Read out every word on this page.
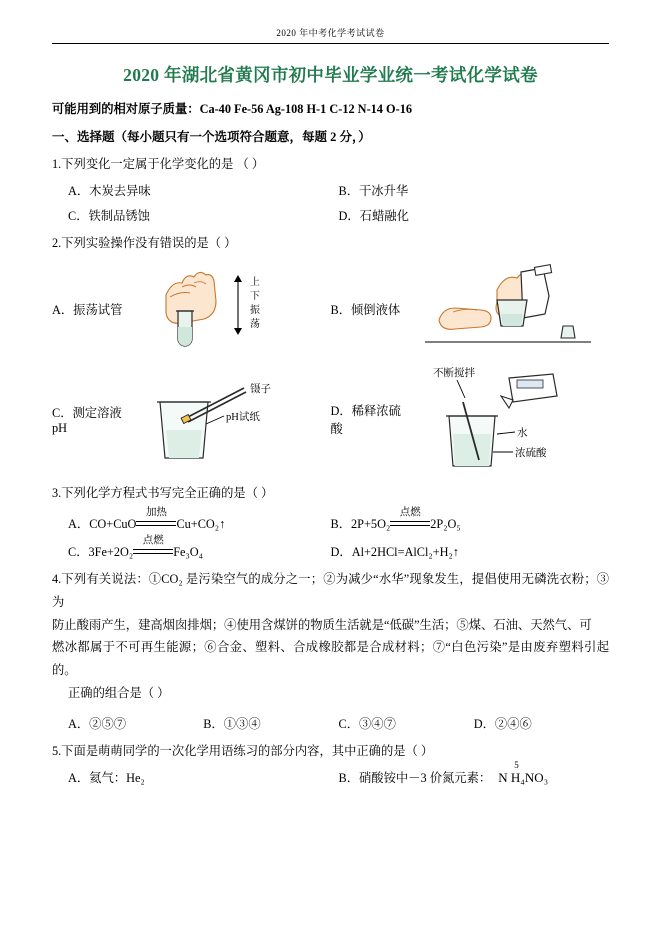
2020 年中考化学考试试卷
2020 年湖北省黄冈市初中毕业学业统一考试化学试卷
可能用到的相对原子质量：Ca-40 Fe-56 Ag-108 H-1 C-12 N-14 O-16
一、选择题（每小题只有一个选项符合题意，每题 2 分，）
1.下列变化一定属于化学变化的是 （ ）
A．木炭去异味	B．干冰升华
C．铁制品锈蚀	D．石蜡融化
2.下列实验操作没有错误的是（ ）
A．振荡试管
上
下
振
荡
B．倾倒液体
C．测定溶液 pH
镊子
pH试纸	D．稀释浓硫酸
不断搅拌
水
浓硫酸
3.下列化学方程式书写完全正确的是（ ）
A． CO+CuO
加热
Cu+CO₂↑	B． 2P+5O₂
点燃
2P₂O₅
C． 3Fe+2O₂
点燃
Fe₃O₄	D． Al+2HCl=AlCl₂+H₂↑
4.下列有关说法：①CO₂ 是污染空气的成分之一；②为减少“水华”现象发生，提倡使用无磷洗衣粉；③为
防止酸雨产生，建高烟囱排烟；④使用含煤饼的物质生活就是“低碳”生活；⑤煤、石油、天然气、可
燃冰都属于不可再生能源；⑥合金、塑料、合成橡胶都是合成材料；⑦“白色污染”是由废弃塑料引起的。
正确的组合是（ ）
A．②⑤⑦	B．①③④	C．③④⑦	D．②④⑥
5.下面是萌萌同学的一次化学用语练习的部分内容，其中正确的是（ ）
A．氦气：He₂	B．硝酸铵中－3 价氮元素：
5
N H₄NO₃
